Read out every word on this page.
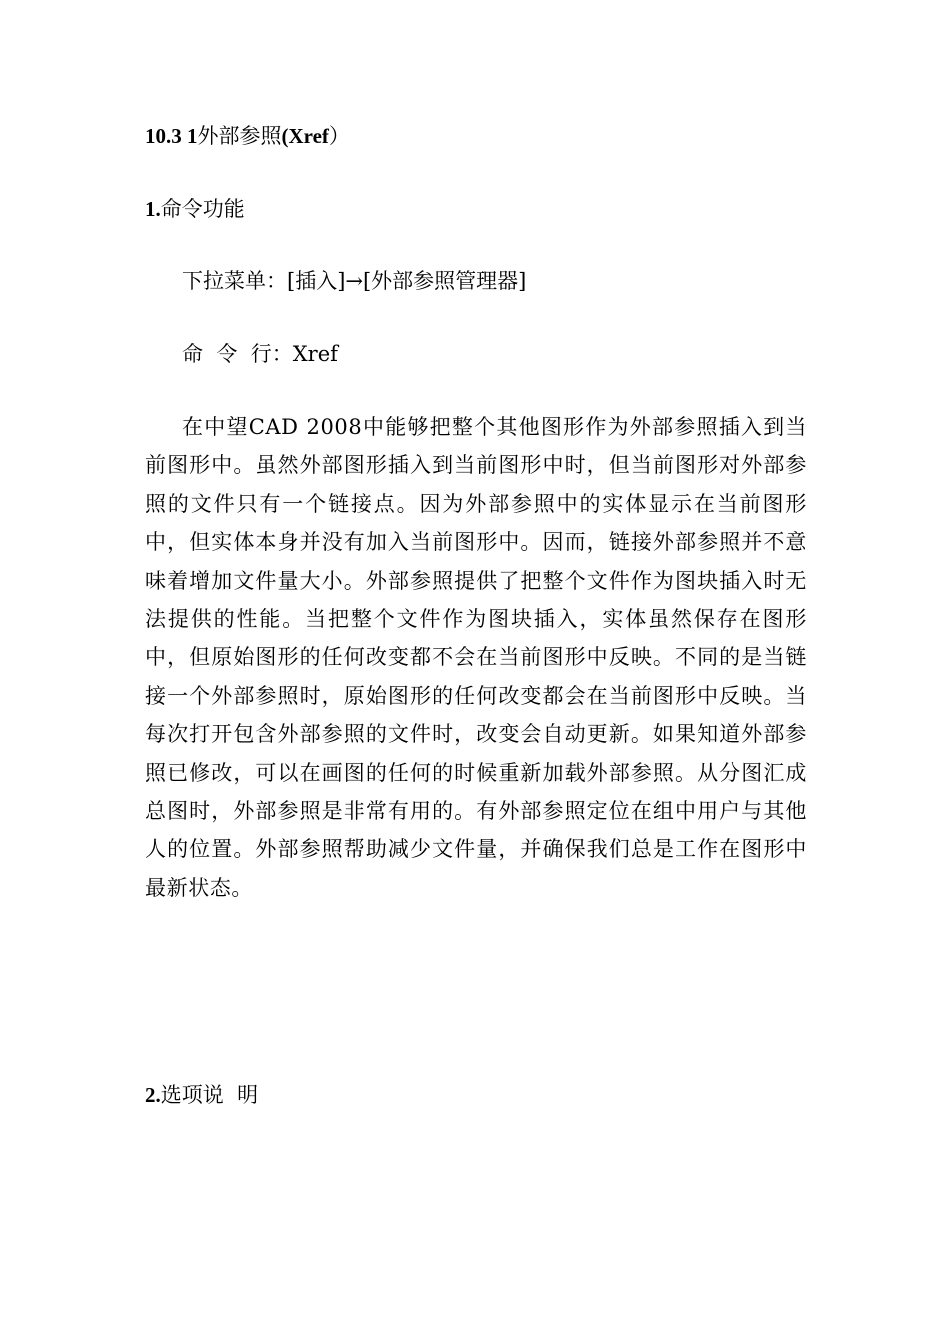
10.3 1外部参照(Xref）
1.命令功能
下拉菜单：[插入]→[外部参照管理器]
命  令  行：Xref
在中望CAD 2008中能够把整个其他图形作为外部参照插入到当前图形中。虽然外部图形插入到当前图形中时，但当前图形对外部参照的文件只有一个链接点。因为外部参照中的实体显示在当前图形中，但实体本身并没有加入当前图形中。因而，链接外部参照并不意味着增加文件量大小。外部参照提供了把整个文件作为图块插入时无法提供的性能。当把整个文件作为图块插入，实体虽然保存在图形中，但原始图形的任何改变都不会在当前图形中反映。不同的是当链接一个外部参照时，原始图形的任何改变都会在当前图形中反映。当每次打开包含外部参照的文件时，改变会自动更新。如果知道外部参照已修改，可以在画图的任何的时候重新加载外部参照。从分图汇成总图时，外部参照是非常有用的。有外部参照定位在组中用户与其他人的位置。外部参照帮助减少文件量，并确保我们总是工作在图形中最新状态。
2.选项说  明
